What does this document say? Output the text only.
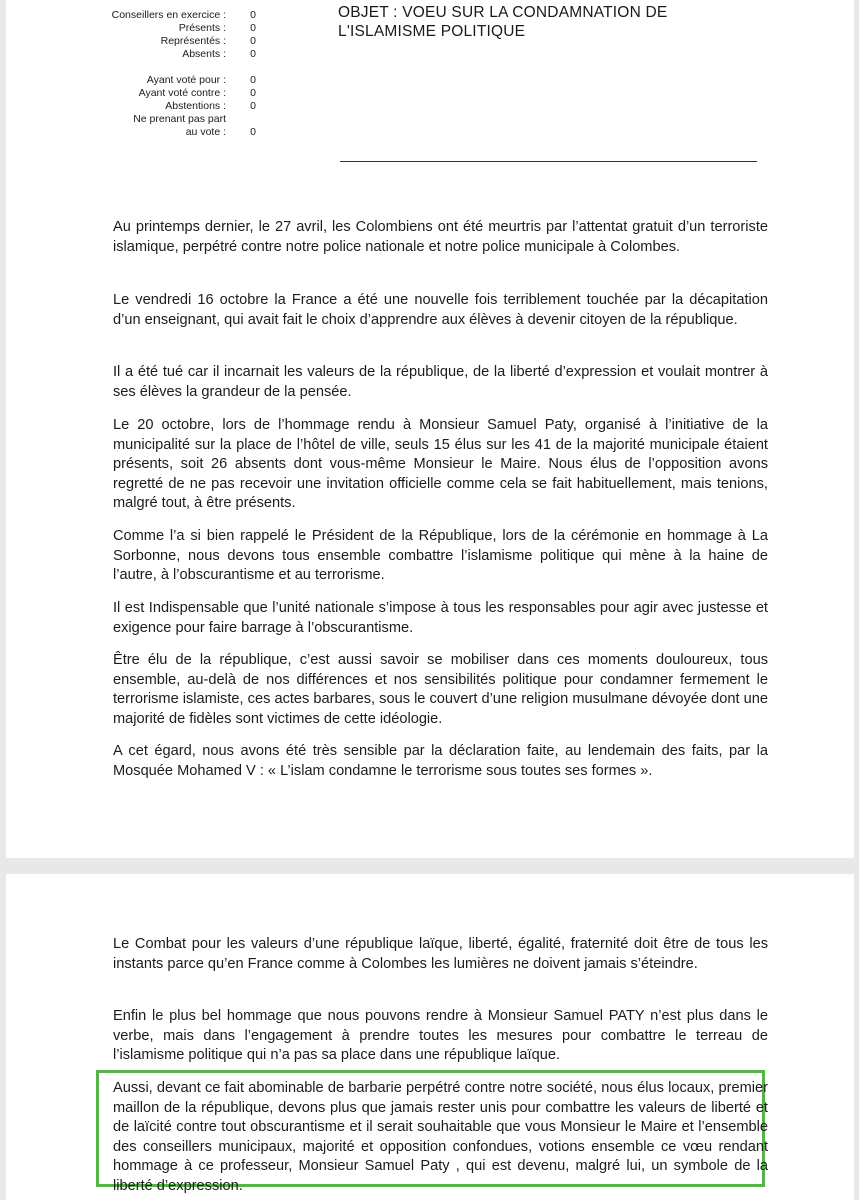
Conseillers en exercice :	0
Présents :	0
Représentés :	0
Absents :	0
Ayant voté pour :	0
Ayant voté contre :	0
Abstentions :	0
Ne prenant pas part
au vote :	0
OBJET : VOEU SUR LA CONDAMNATION DE
L'ISLAMISME POLITIQUE

Au printemps dernier, le 27 avril, les Colombiens ont été meurtris par l’attentat gratuit d’un terroriste islamique, perpétré contre notre police nationale et notre police municipale à Colombes.

Le vendredi 16 octobre la France a été une nouvelle fois terriblement touchée par la décapitation d’un enseignant, qui avait fait le choix d’apprendre aux élèves à devenir citoyen de la république.

Il a été tué car il incarnait les valeurs de la république, de la liberté d’expression et voulait montrer à ses élèves la grandeur de la pensée.

Le 20 octobre, lors de l’hommage rendu à Monsieur Samuel Paty, organisé à l’initiative de la municipalité sur la place de l’hôtel de ville, seuls 15 élus sur les 41 de la majorité municipale étaient présents, soit 26 absents dont vous-même Monsieur le Maire. Nous élus de l’opposition avons regretté de ne pas recevoir une invitation officielle comme cela se fait habituellement, mais tenions, malgré tout, à être présents.

Comme l’a si bien rappelé le Président de la République, lors de la cérémonie en hommage à La Sorbonne, nous devons tous ensemble combattre l’islamisme politique qui mène à la haine de l’autre, à l’obscurantisme et au terrorisme.

Il est Indispensable que l’unité nationale s’impose à tous les responsables pour agir avec justesse et exigence pour faire barrage à l’obscurantisme.

Être élu de la république, c’est aussi savoir se mobiliser dans ces moments douloureux, tous ensemble, au-delà de nos différences et nos sensibilités politique pour condamner fermement le terrorisme islamiste, ces actes barbares, sous le couvert d’une religion musulmane dévoyée dont une majorité de fidèles sont victimes de cette idéologie.

A cet égard, nous avons été très sensible par la déclaration faite, au lendemain des faits, par la Mosquée Mohamed V : « L’islam condamne le terrorisme sous toutes ses formes ».

Le Combat pour les valeurs d’une république laïque, liberté, égalité, fraternité doit être de tous les instants parce qu’en France comme à Colombes les lumières ne doivent jamais s’éteindre.

Enfin le plus bel hommage que nous pouvons rendre à Monsieur Samuel PATY n’est plus dans le verbe, mais dans l’engagement à prendre toutes les mesures pour combattre le terreau de l’islamisme politique qui n’a pas sa place dans une république laïque.

Aussi, devant ce fait abominable de barbarie perpétré contre notre société, nous élus locaux, premier maillon de la république, devons plus que jamais rester unis pour combattre les valeurs de liberté et de laïcité contre tout obscurantisme et il serait souhaitable que vous Monsieur le Maire et l’ensemble des conseillers municipaux, majorité et opposition confondues, votions ensemble ce vœu rendant hommage à ce professeur, Monsieur Samuel Paty , qui est devenu, malgré lui, un symbole de la liberté d’expression.
